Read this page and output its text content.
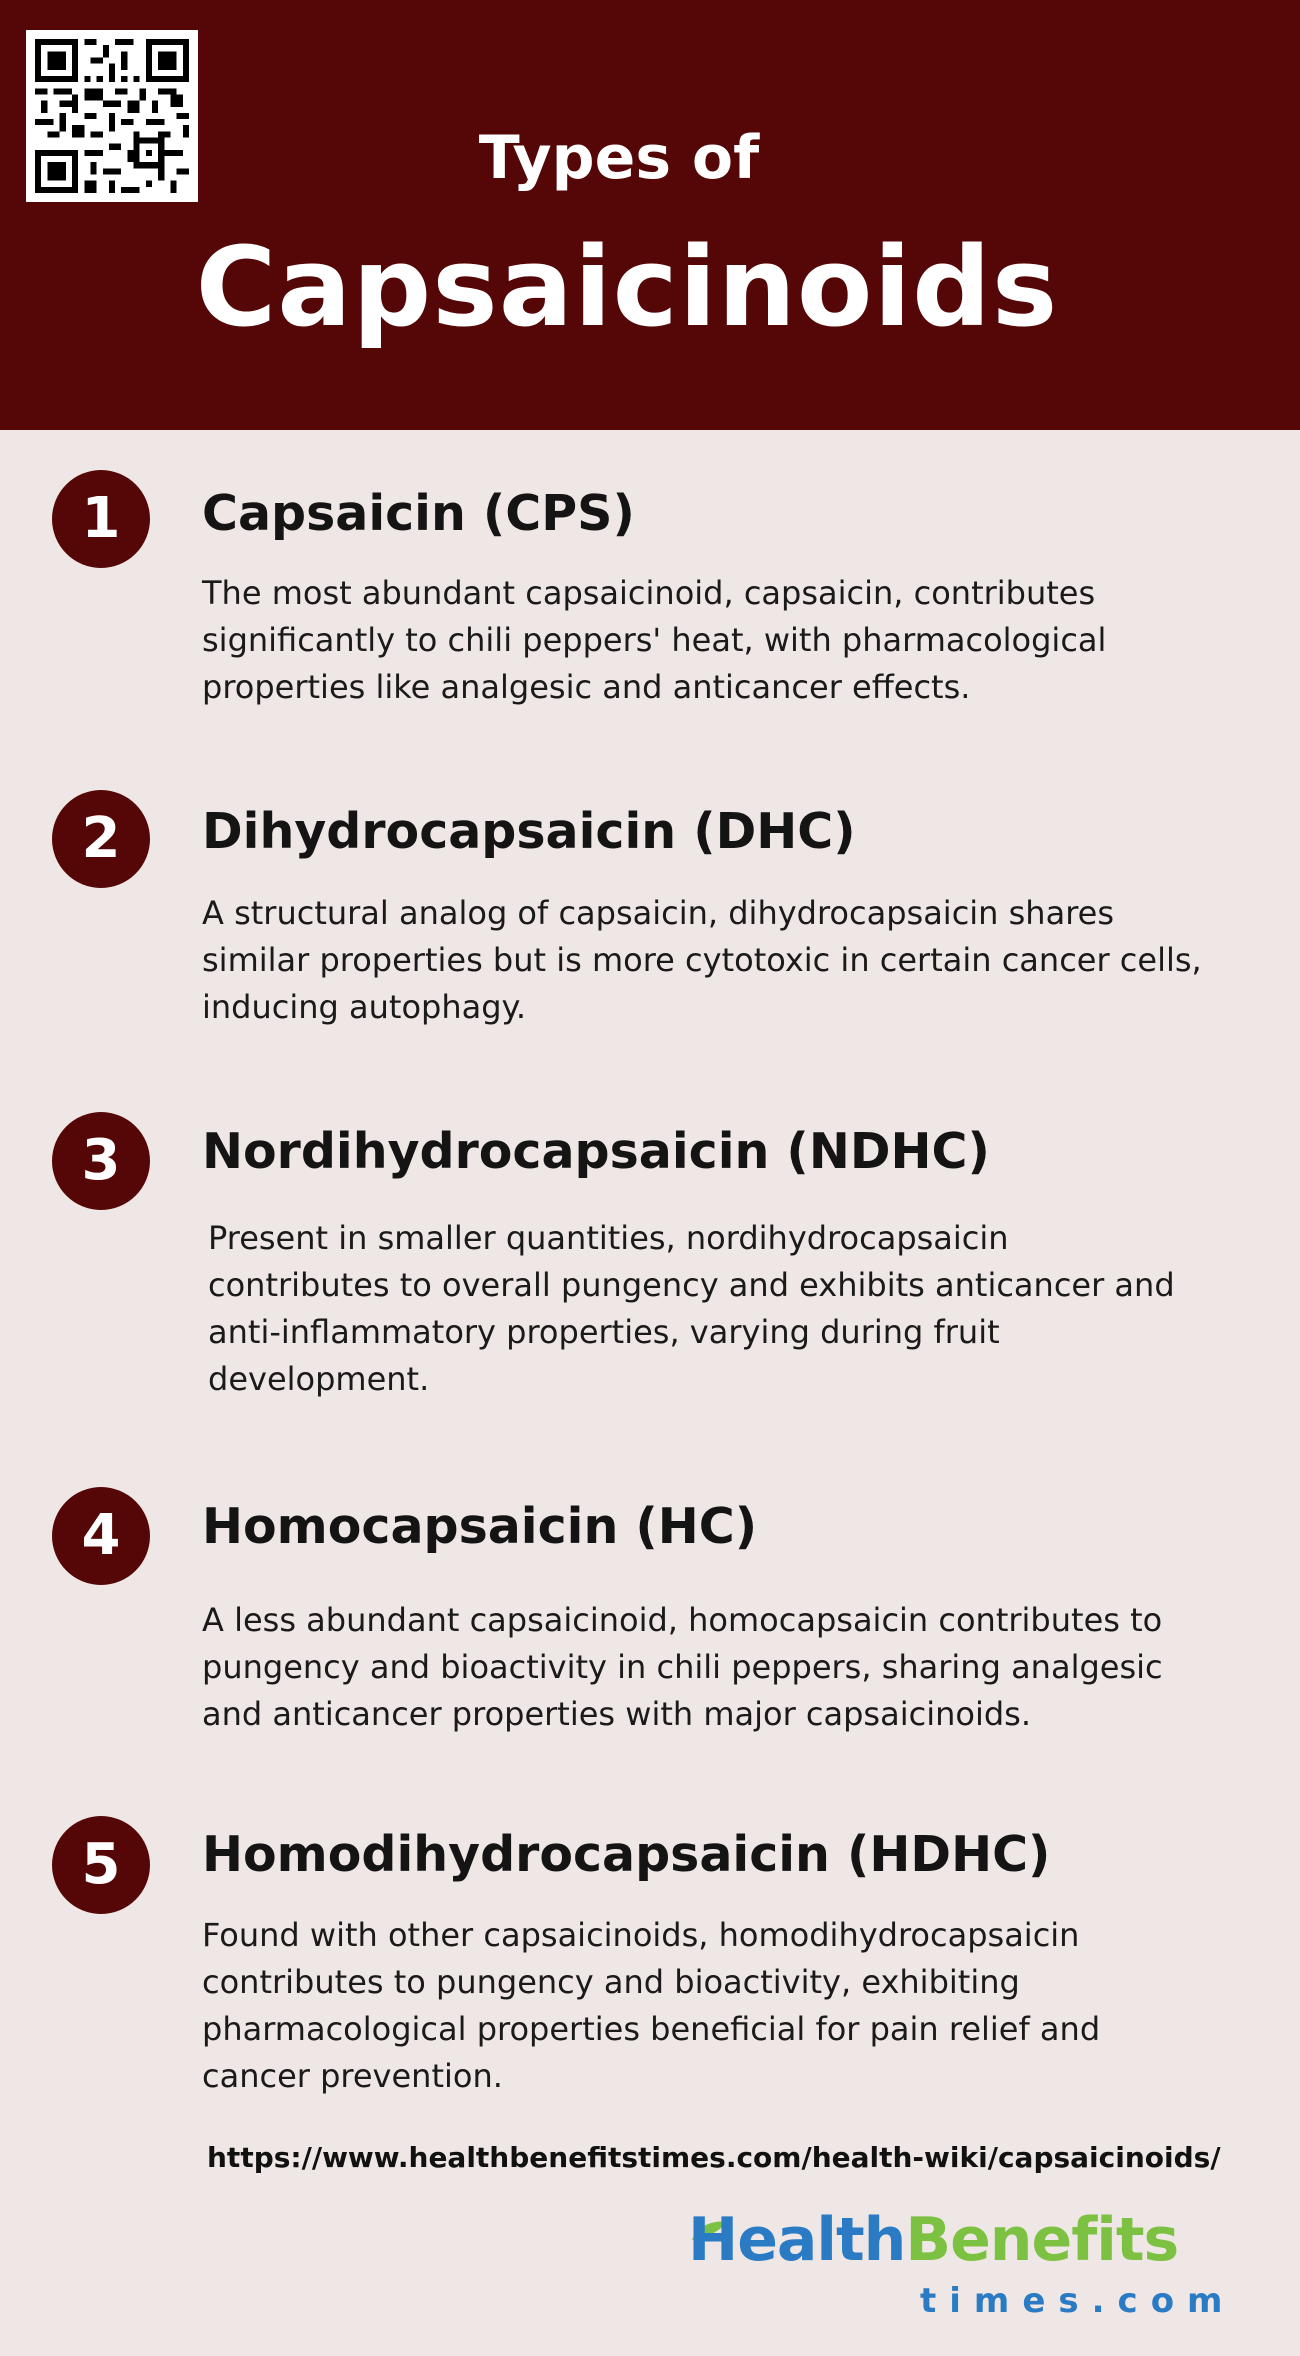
Types of
Capsaicinoids
1	Capsaicin (CPS)
The most abundant capsaicinoid, capsaicin, contributes significantly to chili peppers' heat, with pharmacological properties like analgesic and anticancer effects.
2	Dihydrocapsaicin (DHC)
A structural analog of capsaicin, dihydrocapsaicin shares similar properties but is more cytotoxic in certain cancer cells, inducing autophagy.
3	Nordihydrocapsaicin (NDHC)
Present in smaller quantities, nordihydrocapsaicin contributes to overall pungency and exhibits anticancer and anti-inflammatory properties, varying during fruit development.
4	Homocapsaicin (HC)
A less abundant capsaicinoid, homocapsaicin contributes to pungency and bioactivity in chili peppers, sharing analgesic and anticancer properties with major capsaicinoids.
5	Homodihydrocapsaicin (HDHC)
Found with other capsaicinoids, homodihydrocapsaicin contributes to pungency and bioactivity, exhibiting pharmacological properties beneficial for pain relief and cancer prevention.
https://www.healthbenefitstimes.com/health-wiki/capsaicinoids/
HealthBenefits
times.com
